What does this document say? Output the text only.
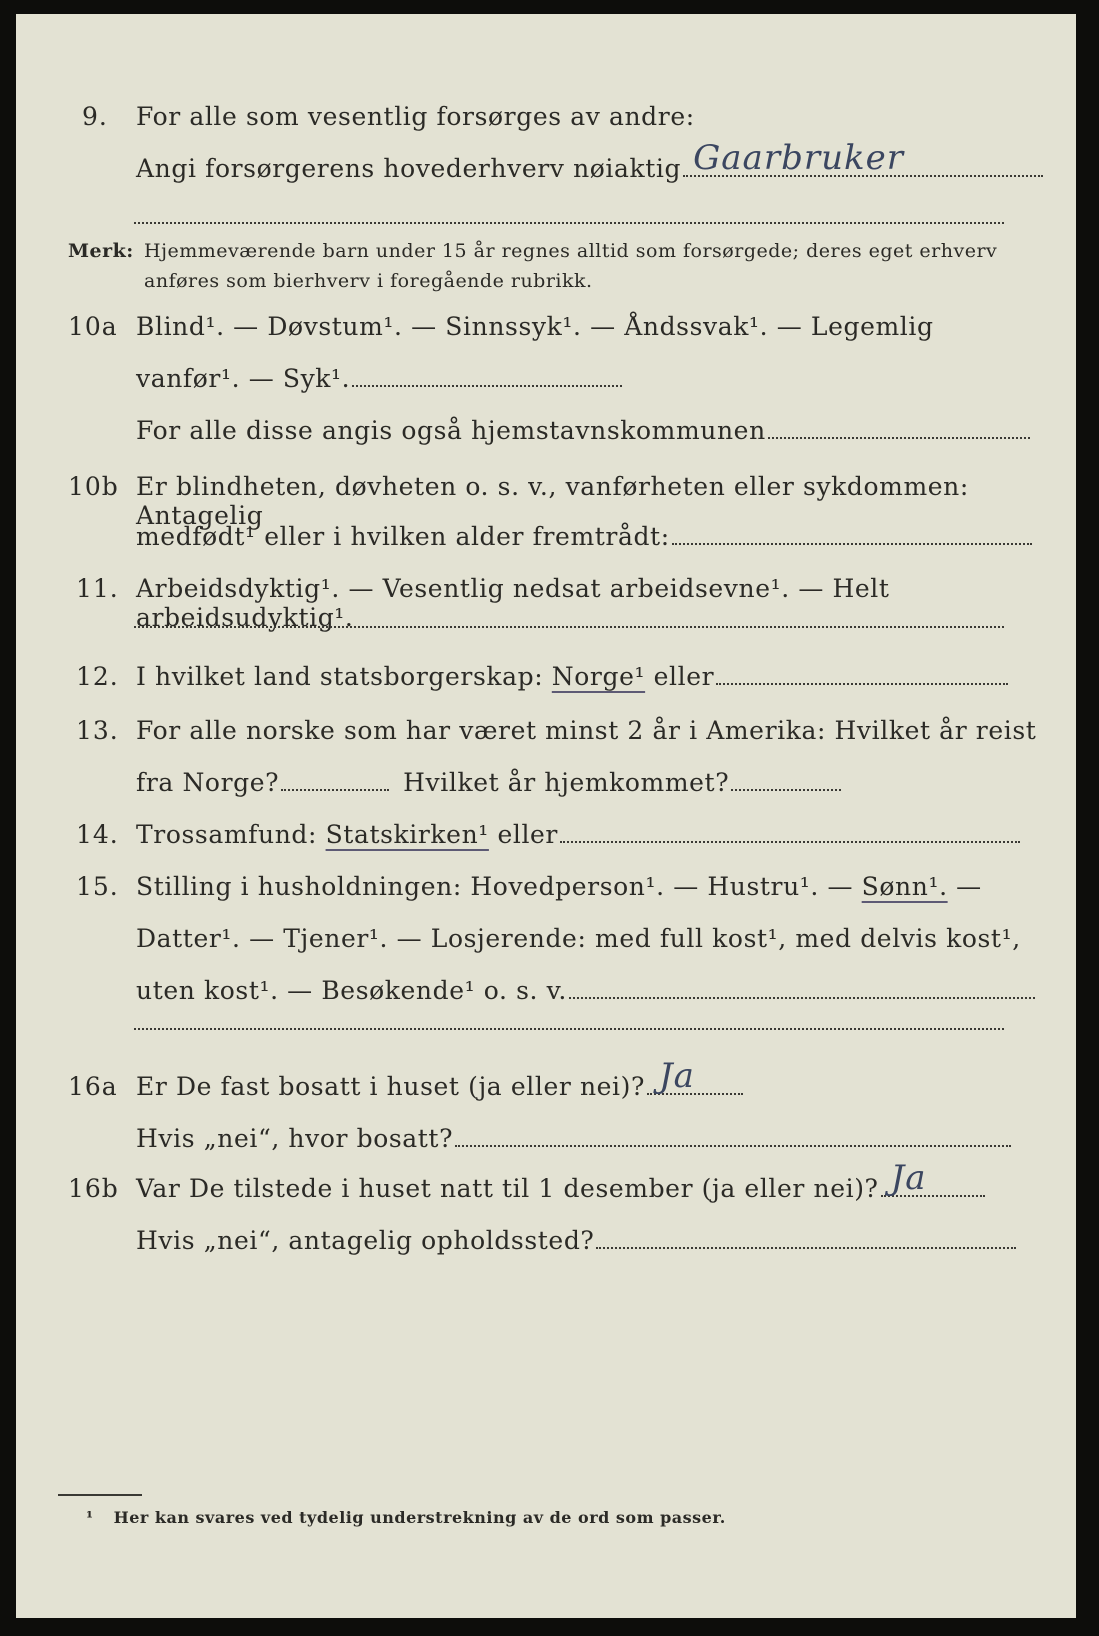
9. For alle som vesentlig forsørges av andre:
Angi forsørgerens hovederhverv nøiaktig Gaarbruker
Merk: Hjemmeværende barn under 15 år regnes alltid som forsørgede; deres eget erhverv
anføres som bierhverv i foregående rubrikk.
10a Blind¹. — Døvstum¹. — Sinnssyk¹. — Åndssvak¹. — Legemlig
vanfør¹. — Syk¹.
For alle disse angis også hjemstavnskommunen
10b Er blindheten, døvheten o. s. v., vanførheten eller sykdommen: Antagelig
medfødt¹ eller i hvilken alder fremtrådt:
11. Arbeidsdyktig¹. — Vesentlig nedsat arbeidsevne¹. — Helt arbeidsudyktig¹.
12. I hvilket land statsborgerskap: Norge¹ eller
13. For alle norske som har været minst 2 år i Amerika: Hvilket år reist
fra Norge?	Hvilket år hjemkommet?
14. Trossamfund: Statskirken¹ eller
15. Stilling i husholdningen: Hovedperson¹. — Hustru¹. — Sønn¹. —
Datter¹. — Tjener¹. — Losjerende: med full kost¹, med delvis kost¹,
uten kost¹. — Besøkende¹ o. s. v.
16a Er De fast bosatt i huset (ja eller nei)? Ja
Hvis „nei“, hvor bosatt?
16b Var De tilstede i huset natt til 1 desember (ja eller nei)? Ja
Hvis „nei“, antagelig opholdssted?
¹ Her kan svares ved tydelig understrekning av de ord som passer.
